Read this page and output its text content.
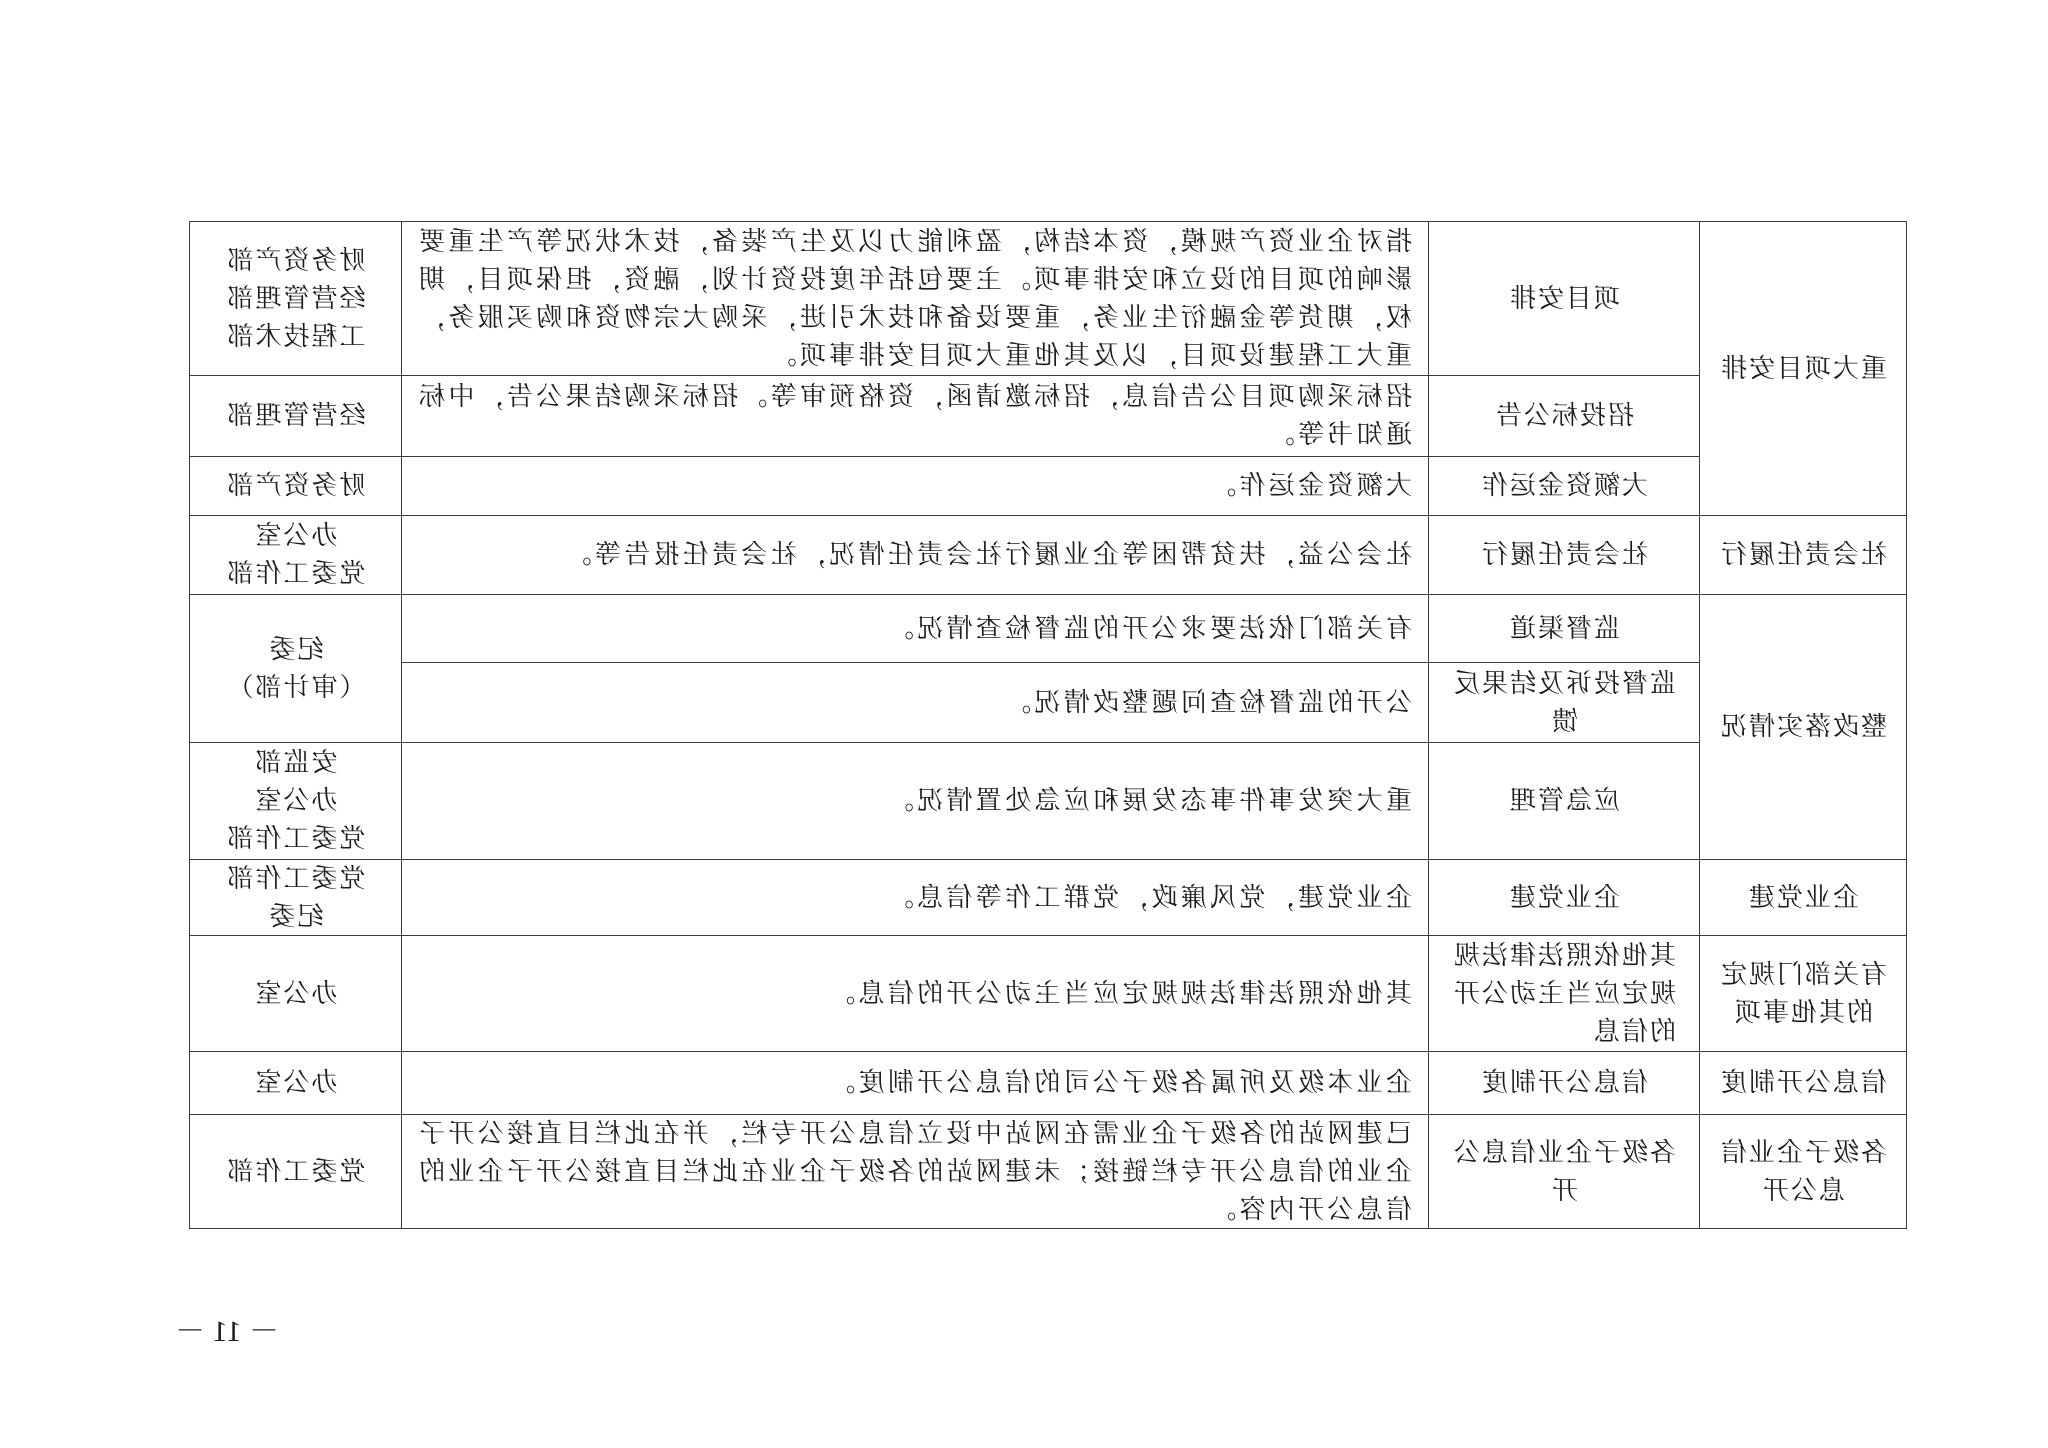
重大项目安排
项目安排
指对企业资产规模，资本结构，盈利能力以及生产装备，技术状况等产生重要
影响的项目的设立和安排事项。主要包括年度投资计划，融资，担保项目，期
权，期货等金融衍生业务，重要设备和技术引进，采购大宗物资和购买服务，
重大工程建设项目，以及其他重大项目安排事项。
财务资产部
经营管理部
工程技术部
招投标公告
招标采购项目公告信息，招标邀请函，资格预审等。招标采购结果公告，中标
通知书等。
经营管理部
大额资金运作
大额资金运作。
财务资产部
社会责任履行
社会责任履行
社会公益，扶贫帮困等企业履行社会责任情况，社会责任报告等。
办公室
党委工作部
整改落实情况
监督渠道
有关部门依法要求公开的监督检查情况。
纪委
（审计部）	监督投诉及结果反
馈
公开的监督检查问题整改情况。
应急管理
重大突发事件事态发展和应急处置情况。
安监部
办公室
党委工作部
企业党建
企业党建
企业党建，党风廉政，党群工作等信息。
党委工作部
纪委
有关部门规定
的其他事项
其他依照法律法规
规定应当主动公开
的信息
其他依照法律法规规定应当主动公开的信息。
办公室
信息公开制度
信息公开制度
企业本级及所属各级子公司的信息公开制度。
办公室
各级子企业信
息公开
各级子企业信息公
开
已建网站的各级子企业需在网站中设立信息公开专栏，并在此栏目直接公开子
企业的信息公开专栏链接；未建网站的各级子企业在此栏目直接公开子企业的
信息公开内容。
党委工作部
－ 11 －
